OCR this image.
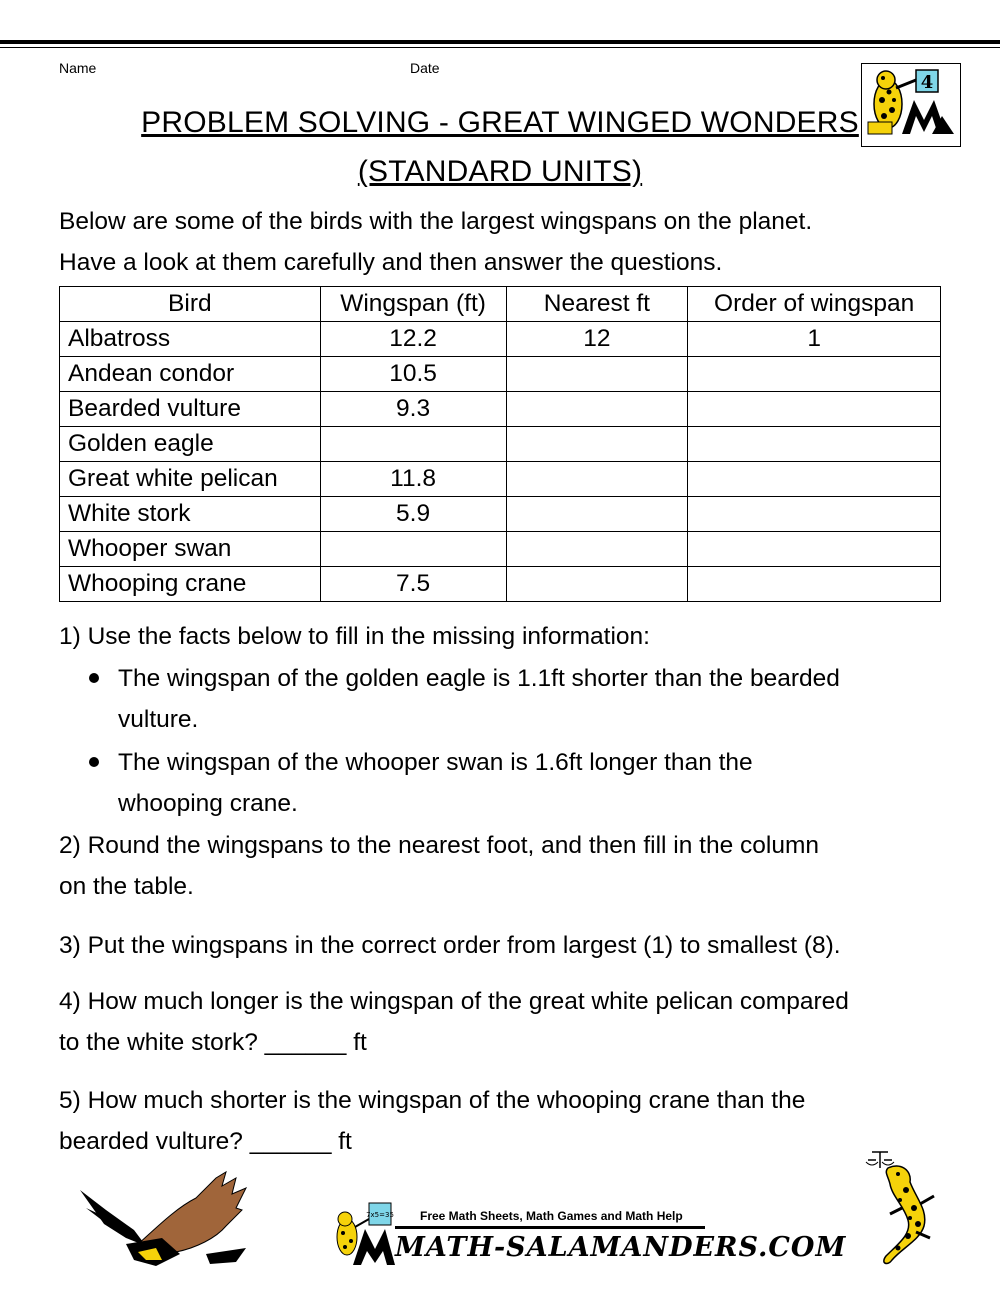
Name	Date
4
PROBLEM SOLVING - GREAT WINGED WONDERS
(STANDARD UNITS)
Below are some of the birds with the largest wingspans on the planet.
Have a look at them carefully and then answer the questions.
Bird	Wingspan (ft)	Nearest ft	Order of wingspan
Albatross	12.2	12	1
Andean condor	10.5		
Bearded vulture	9.3		
Golden eagle			
Great white pelican	11.8		
White stork	5.9		
Whooper swan			
Whooping crane	7.5		
1) Use the facts below to fill in the missing information:
The wingspan of the golden eagle is 1.1ft shorter than the bearded
vulture.
The wingspan of the whooper swan is 1.6ft longer than the
whooping crane.
2) Round the wingspans to the nearest foot, and then fill in the column
on the table.
3) Put the wingspans in the correct order from largest (1) to smallest (8).
4) How much longer is the wingspan of the great white pelican compared
to the white stork? ______ ft
5) How much shorter is the wingspan of the whooping crane than the
bearded vulture? ______ ft
7x5=35 Free Math Sheets, Math Games and Math Help
MATH-SALAMANDERS.COM
